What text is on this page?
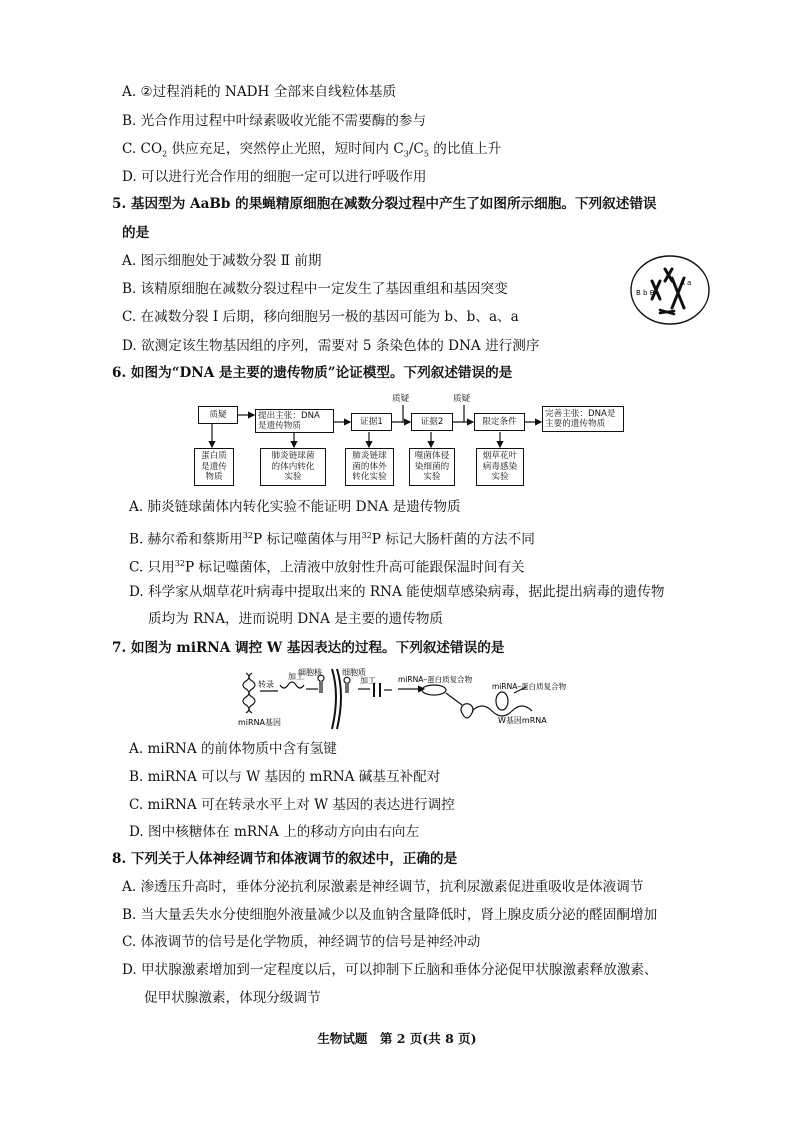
A. ②过程消耗的 NADH 全部来自线粒体基质
B. 光合作用过程中叶绿素吸收光能不需要酶的参与
C. $CO_2$ 供应充足，突然停止光照，短时间内 $C_3/C_5$ 的比值上升
D. 可以进行光合作用的细胞一定可以进行呼吸作用
5. 基因型为 AaBb 的果蝇精原细胞在减数分裂过程中产生了如图所示细胞。下列叙述错误
的是
A. 图示细胞处于减数分裂 Ⅱ 前期
B. 该精原细胞在减数分裂过程中一定发生了基因重组和基因突变
C. 在减数分裂 Ⅰ 后期，移向细胞另一极的基因可能为 b、b、a、a
D. 欲测定该生物基因组的序列，需要对 5 条染色体的 DNA 进行测序
B b B
A a
6. 如图为“DNA 是主要的遗传物质”论证模型。下列叙述错误的是
质疑	质疑
质疑	提出主张：DNA
是遗传物质	证据1	证据2	限定条件
完善主张：DNA是
主要的遗传物质
蛋白质
是遗传
物质
肺炎链球菌
的体内转化
实验
肺炎链球
菌的体外
转化实验
噬菌体侵
染细菌的
实验
烟草花叶
病毒感染
实验
A. 肺炎链球菌体内转化实验不能证明 DNA 是遗传物质
B. 赫尔希和蔡斯用$^{32}$P 标记噬菌体与用$^{32}$P 标记大肠杆菌的方法不同
C. 只用$^{32}$P 标记噬菌体，上清液中放射性升高可能跟保温时间有关
D. 科学家从烟草花叶病毒中提取出来的 RNA 能使烟草感染病毒，据此提出病毒的遗传物
质均为 RNA，进而说明 DNA 是主要的遗传物质
7. 如图为 miRNA 调控 W 基因表达的过程。下列叙述错误的是
细胞核	细胞质
转录
加工	加工	miRNA–蛋白质复合物
miRNA–蛋白质复合物
miRNA基因	W基因mRNA
A. miRNA 的前体物质中含有氢键
B. miRNA 可以与 W 基因的 mRNA 碱基互补配对
C. miRNA 可在转录水平上对 W 基因的表达进行调控
D. 图中核糖体在 mRNA 上的移动方向由右向左
8. 下列关于人体神经调节和体液调节的叙述中，正确的是
A. 渗透压升高时，垂体分泌抗利尿激素是神经调节，抗利尿激素促进重吸收是体液调节
B. 当大量丢失水分使细胞外液量减少以及血钠含量降低时，肾上腺皮质分泌的醛固酮增加
C. 体液调节的信号是化学物质，神经调节的信号是神经冲动
D. 甲状腺激素增加到一定程度以后，可以抑制下丘脑和垂体分泌促甲状腺激素释放激素、
促甲状腺激素，体现分级调节
生物试题　第 2 页(共 8 页)
